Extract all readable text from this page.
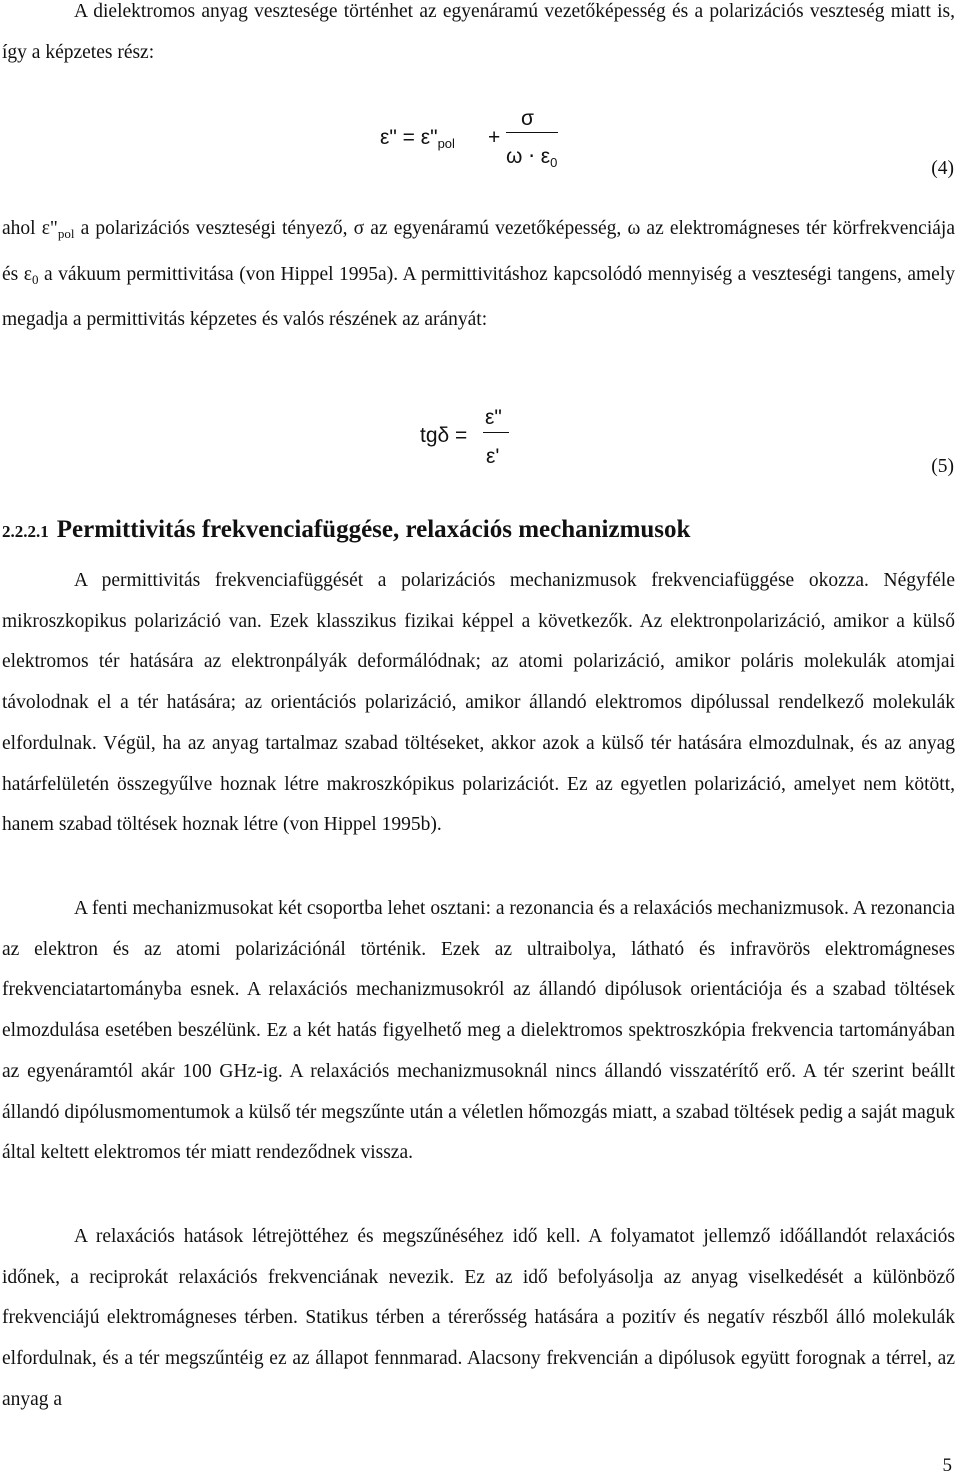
A dielektromos anyag vesztesége történhet az egyenáramú vezetőképesség és a polarizációs veszteség miatt is, így a képzetes rész:

ε" = $\varepsilon"_{pol}$ +
σ
$\omega \cdot \varepsilon_0$	(4)

ahol $\varepsilon"_{pol}$ a polarizációs veszteségi tényező, σ az egyenáramú vezetőképesség, ω az elektromágneses tér körfrekvenciája és $\varepsilon_0$ a vákuum permittivitása (von Hippel 1995a). A permittivitáshoz kapcsolódó mennyiség a veszteségi tangens, amely megadja a permittivitás képzetes és valós részének az arányát:

tgδ =
ε"
ε'	(5)
2.2.2.1 Permittivitás frekvenciafüggése, relaxációs mechanizmusok

A permittivitás frekvenciafüggését a polarizációs mechanizmusok frekvenciafüggése okozza. Négyféle mikroszkopikus polarizáció van. Ezek klasszikus fizikai képpel a következők. Az elektronpolarizáció, amikor a külső elektromos tér hatására az elektronpályák deformálódnak; az atomi polarizáció, amikor poláris molekulák atomjai távolodnak el a tér hatására; az orientációs polarizáció, amikor állandó elektromos dipólussal rendelkező molekulák elfordulnak. Végül, ha az anyag tartalmaz szabad töltéseket, akkor azok a külső tér hatására elmozdulnak, és az anyag határfelületén összegyűlve hoznak létre makroszkópikus polarizációt. Ez az egyetlen polarizáció, amelyet nem kötött, hanem szabad töltések hoznak létre (von Hippel 1995b).

A fenti mechanizmusokat két csoportba lehet osztani: a rezonancia és a relaxációs mechanizmusok. A rezonancia az elektron és az atomi polarizációnál történik. Ezek az ultraibolya, látható és infravörös elektromágneses frekvenciatartományba esnek. A relaxációs mechanizmusokról az állandó dipólusok orientációja és a szabad töltések elmozdulása esetében beszélünk. Ez a két hatás figyelhető meg a dielektromos spektroszkópia frekvencia tartományában az egyenáramtól akár 100 GHz-ig. A relaxációs mechanizmusoknál nincs állandó visszatérítő erő. A tér szerint beállt állandó dipólusmomentumok a külső tér megszűnte után a véletlen hőmozgás miatt, a szabad töltések pedig a saját maguk által keltett elektromos tér miatt rendeződnek vissza.

A relaxációs hatások létrejöttéhez és megszűnéséhez idő kell. A folyamatot jellemző időállandót relaxációs időnek, a reciprokát relaxációs frekvenciának nevezik. Ez az idő befolyásolja az anyag viselkedését a különböző frekvenciájú elektromágneses térben. Statikus térben a térerősség hatására a pozitív és negatív részből álló molekulák elfordulnak, és a tér megszűntéig ez az állapot fennmarad. Alacsony frekvencián a dipólusok együtt forognak a térrel, az anyag a

5
